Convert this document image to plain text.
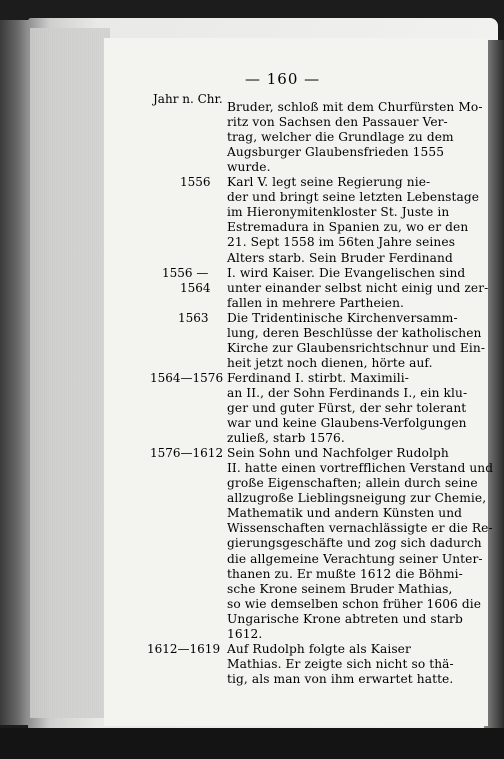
— 160 —
Jahr n. Chr.
Bruder, schloß mit dem Churfürsten Mo-
ritz von Sachsen den Passauer Ver-
trag, welcher die Grundlage zu dem
Augsburger Glaubensfrieden 1555
wurde.
1556 Karl V. legt seine Regierung nie-
der und bringt seine letzten Lebenstage
im Hieronymitenkloster St. Juste in
Estremadura in Spanien zu, wo er den
21. Sept 1558 im 56ten Jahre seines
Alters starb. Sein Bruder Ferdinand
1556 —
1564
I. wird Kaiser. Die Evangelischen sind
unter einander selbst nicht einig und zer-
fallen in mehrere Partheien.
1563 Die Tridentinische Kirchenversamm-
lung, deren Beschlüsse der katholischen
Kirche zur Glaubensrichtschnur und Ein-
heit jetzt noch dienen, hörte auf.
1564—1576 Ferdinand I. stirbt. Maximili-
an II., der Sohn Ferdinands I., ein klu-
ger und guter Fürst, der sehr tolerant
war und keine Glaubens-Verfolgungen
zuließ, starb 1576.
1576—1612 Sein Sohn und Nachfolger Rudolph
II. hatte einen vortrefflichen Verstand und
große Eigenschaften; allein durch seine
allzugroße Lieblingsneigung zur Chemie,
Mathematik und andern Künsten und
Wissenschaften vernachlässigte er die Re-
gierungsgeschäfte und zog sich dadurch
die allgemeine Verachtung seiner Unter-
thanen zu. Er mußte 1612 die Böhmi-
sche Krone seinem Bruder Mathias,
so wie demselben schon früher 1606 die
Ungarische Krone abtreten und starb
1612.
1612—1619 Auf Rudolph folgte als Kaiser
Mathias. Er zeigte sich nicht so thä-
tig, als man von ihm erwartet hatte.
